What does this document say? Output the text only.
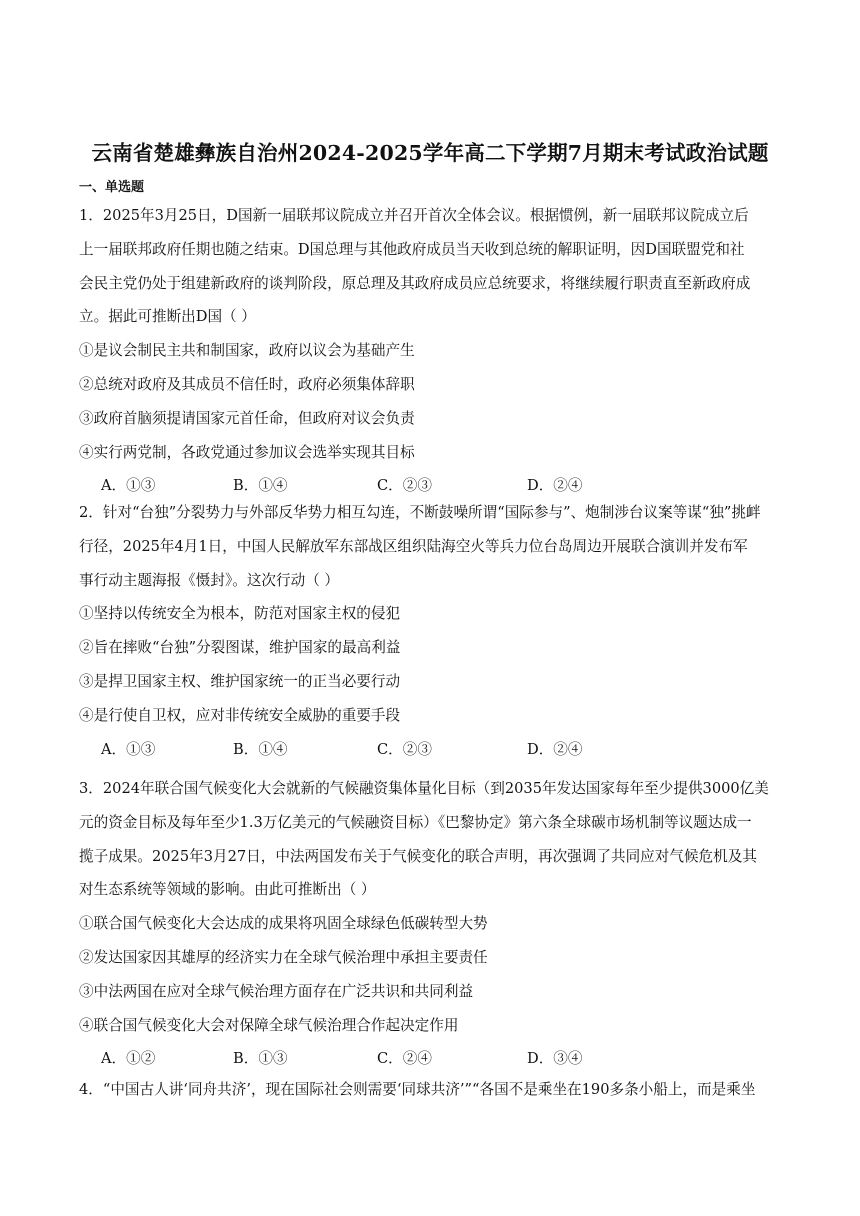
云南省楚雄彝族自治州2024-2025学年高二下学期7月期末考试政治试题
一、单选题
1．2025年3月25日，D国新一届联邦议院成立并召开首次全体会议。根据惯例，新一届联邦议院成立后
上一届联邦政府任期也随之结束。D国总理与其他政府成员当天收到总统的解职证明，因D国联盟党和社
会民主党仍处于组建新政府的谈判阶段，原总理及其政府成员应总统要求，将继续履行职责直至新政府成
立。据此可推断出D国（ ）
①是议会制民主共和制国家，政府以议会为基础产生
②总统对政府及其成员不信任时，政府必须集体辞职
③政府首脑须提请国家元首任命，但政府对议会负责
④实行两党制，各政党通过参加议会选举实现其目标
A．①③	B．①④	C．②③	D．②④
2．针对“台独”分裂势力与外部反华势力相互勾连，不断鼓噪所谓“国际参与”、炮制涉台议案等谋“独”挑衅
行径，2025年4月1日，中国人民解放军东部战区组织陆海空火等兵力位台岛周边开展联合演训并发布军
事行动主题海报《慑封》。这次行动（ ）
①坚持以传统安全为根本，防范对国家主权的侵犯
②旨在摔败“台独”分裂图谋，维护国家的最高利益
③是捍卫国家主权、维护国家统一的正当必要行动
④是行使自卫权，应对非传统安全威胁的重要手段
A．①③	B．①④	C．②③	D．②④
3．2024年联合国气候变化大会就新的气候融资集体量化目标（到2035年发达国家每年至少提供3000亿美
元的资金目标及每年至少1.3万亿美元的气候融资目标）《巴黎协定》第六条全球碳市场机制等议题达成一
揽子成果。2025年3月27日，中法两国发布关于气候变化的联合声明，再次强调了共同应对气候危机及其
对生态系统等领域的影响。由此可推断出（ ）
①联合国气候变化大会达成的成果将巩固全球绿色低碳转型大势
②发达国家因其雄厚的经济实力在全球气候治理中承担主要责任
③中法两国在应对全球气候治理方面存在广泛共识和共同利益
④联合国气候变化大会对保障全球气候治理合作起决定作用
A．①②	B．①③	C．②④	D．③④
4．“中国古人讲‘同舟共济’，现在国际社会则需要‘同球共济’”“各国不是乘坐在190多条小船上，而是乘坐
